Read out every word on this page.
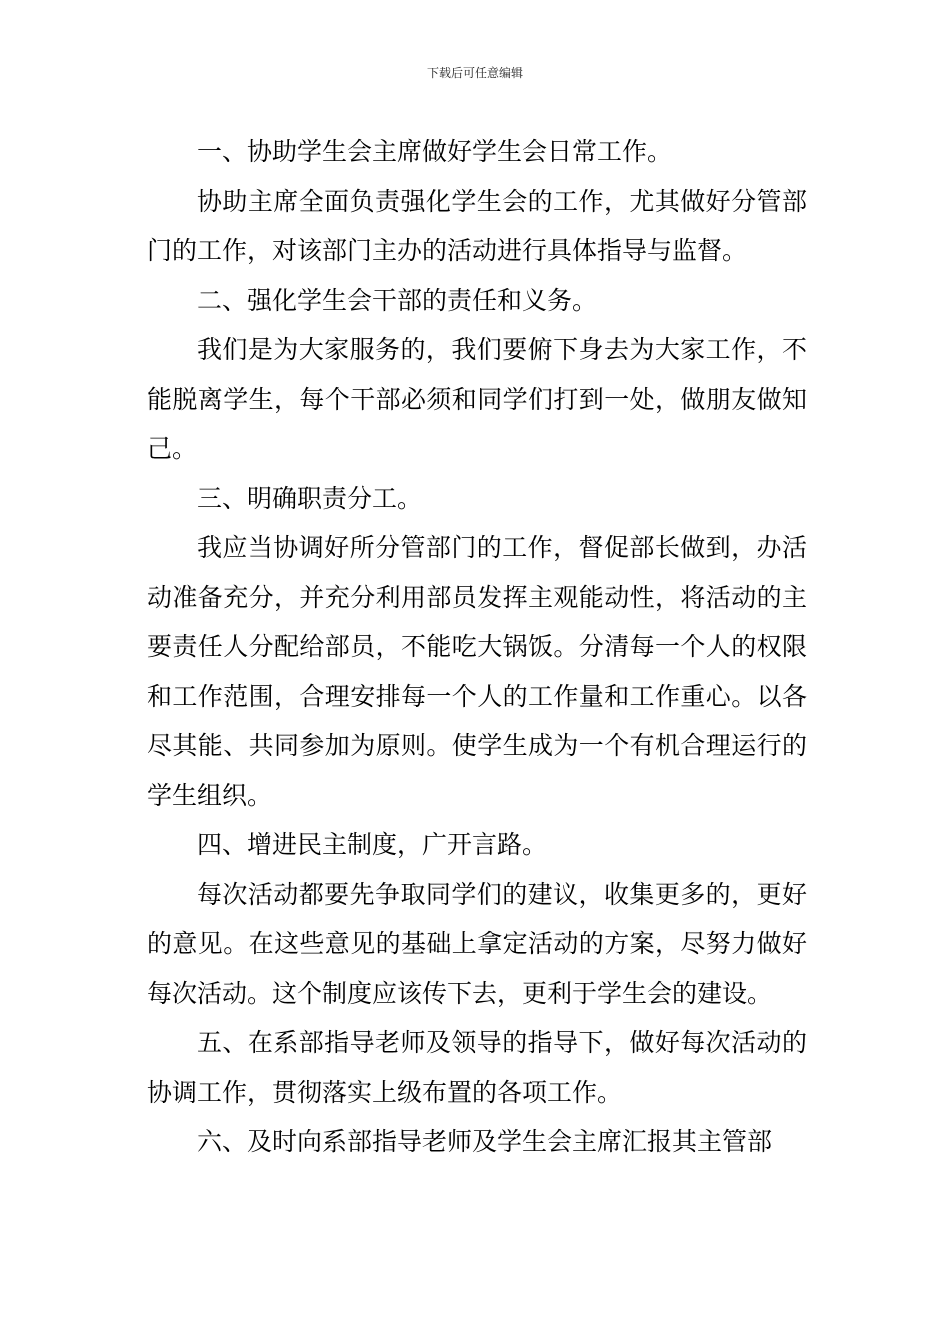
下载后可任意编辑

一、协助学生会主席做好学生会日常工作。

协助主席全面负责强化学生会的工作，尤其做好分管部门的工作，对该部门主办的活动进行具体指导与监督。

二、强化学生会干部的责任和义务。

我们是为大家服务的，我们要俯下身去为大家工作，不能脱离学生，每个干部必须和同学们打到一处，做朋友做知己。

三、明确职责分工。

我应当协调好所分管部门的工作，督促部长做到，办活动准备充分，并充分利用部员发挥主观能动性，将活动的主要责任人分配给部员，不能吃大锅饭。分清每一个人的权限和工作范围，合理安排每一个人的工作量和工作重心。以各尽其能、共同参加为原则。使学生成为一个有机合理运行的学生组织。

四、增进民主制度，广开言路。

每次活动都要先争取同学们的建议，收集更多的，更好的意见。在这些意见的基础上拿定活动的方案，尽努力做好每次活动。这个制度应该传下去，更利于学生会的建设。

五、在系部指导老师及领导的指导下，做好每次活动的协调工作，贯彻落实上级布置的各项工作。

六、及时向系部指导老师及学生会主席汇报其主管部
